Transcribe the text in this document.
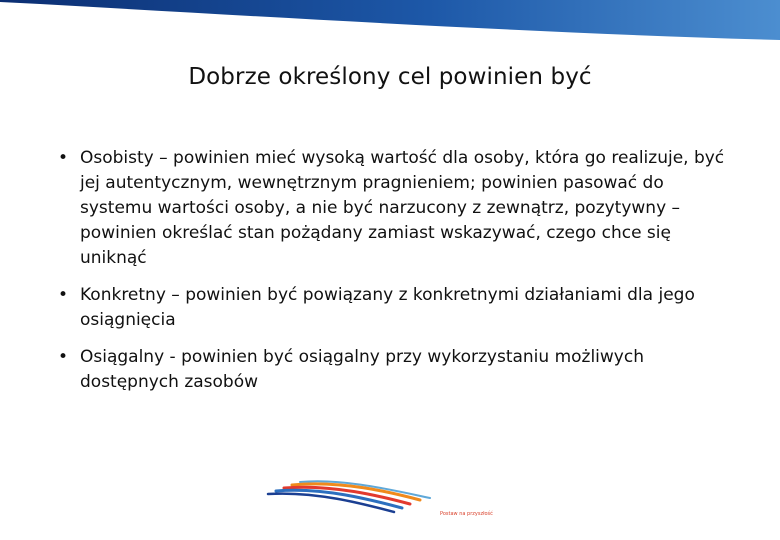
Dobrze określony cel powinien być
• Osobisty – powinien mieć wysoką wartość dla osoby, która go realizuje, być jej autentycznym, wewnętrznym pragnieniem; powinien pasować do systemu wartości osoby, a nie być narzucony z zewnątrz, pozytywny – powinien określać stan pożądany zamiast wskazywać, czego chce się uniknąć
• Konkretny – powinien być powiązany z konkretnymi działaniami dla jego osiągnięcia
• Osiągalny - powinien być osiągalny przy wykorzystaniu możliwych dostępnych zasobów
Postaw na przyszłość
